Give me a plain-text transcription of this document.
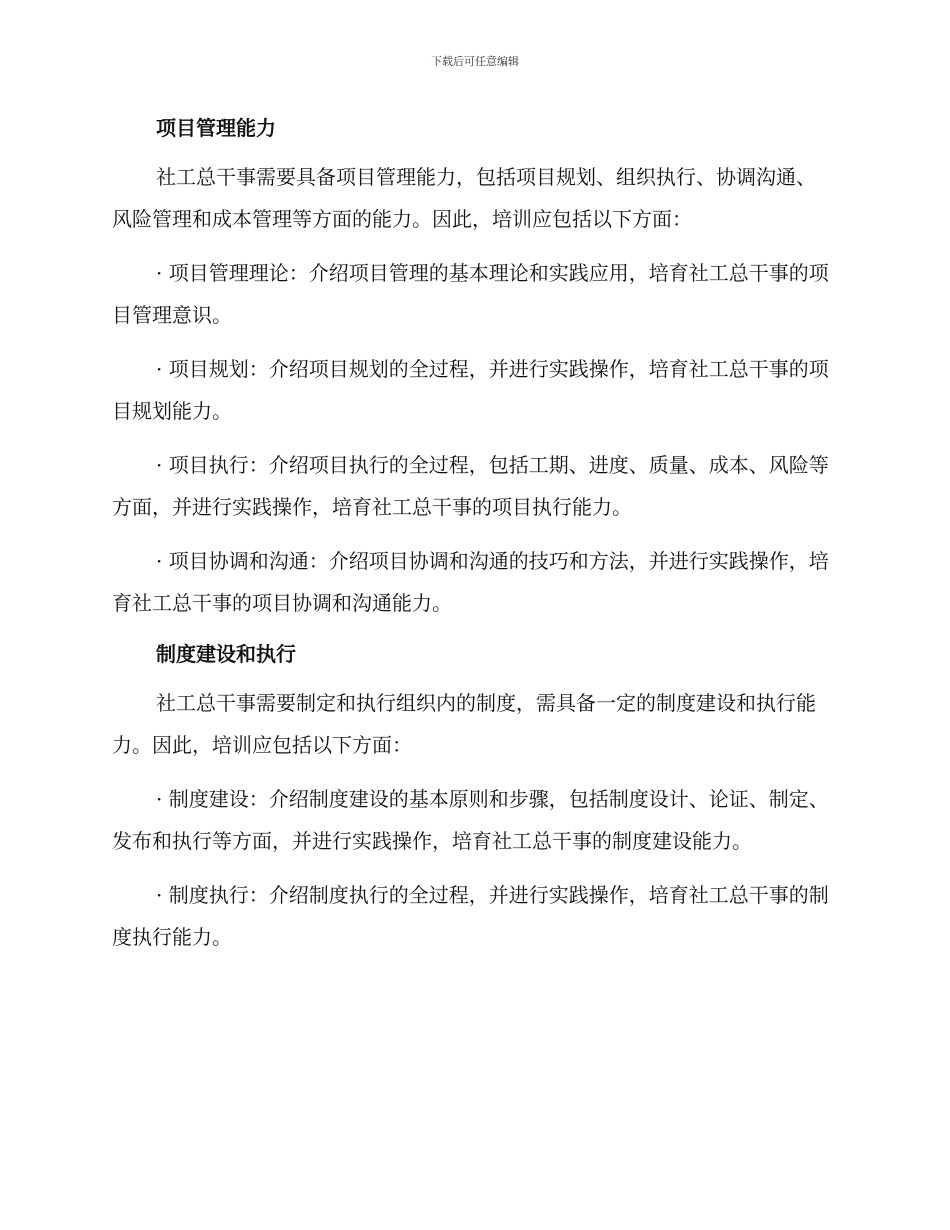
下载后可任意编辑
项目管理能力
社工总干事需要具备项目管理能力，包括项目规划、组织执行、协调沟通、风险管理和成本管理等方面的能力。因此，培训应包括以下方面：
· 项目管理理论：介绍项目管理的基本理论和实践应用，培育社工总干事的项目管理意识。
· 项目规划：介绍项目规划的全过程，并进行实践操作，培育社工总干事的项目规划能力。
· 项目执行：介绍项目执行的全过程，包括工期、进度、质量、成本、风险等方面，并进行实践操作，培育社工总干事的项目执行能力。
· 项目协调和沟通：介绍项目协调和沟通的技巧和方法，并进行实践操作，培育社工总干事的项目协调和沟通能力。
制度建设和执行
社工总干事需要制定和执行组织内的制度，需具备一定的制度建设和执行能力。因此，培训应包括以下方面：
· 制度建设：介绍制度建设的基本原则和步骤，包括制度设计、论证、制定、发布和执行等方面，并进行实践操作，培育社工总干事的制度建设能力。
· 制度执行：介绍制度执行的全过程，并进行实践操作，培育社工总干事的制度执行能力。
